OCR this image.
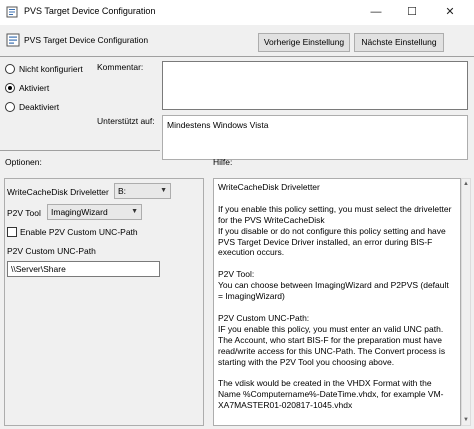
PVS Target Device Configuration	—	☐	✕
PVS Target Device Configuration	Vorherige Einstellung	Nächste Einstellung
Nicht konfiguriert
Aktiviert
Deaktiviert
Kommentar:
Unterstützt auf:	Mindestens Windows Vista
Optionen:	Hilfe:
WriteCacheDisk Driveletter	B:	▼
P2V Tool	ImagingWizard	▼
Enable P2V Custom UNC-Path
P2V Custom UNC-Path
\\Server\Share
WriteCacheDisk Driveletter

If you enable this policy setting, you must select the driveletter for the PVS WriteCacheDisk
If you disable or do not configure this policy setting and have PVS Target Device Driver installed, an error during BIS-F execution occurs.

P2V Tool:
You can choose between ImagingWizard and P2PVS (default = ImagingWizard)

P2V Custom UNC-Path:
IF you enable this policy, you must enter an valid UNC path. The Account, who start BIS-F for the preparation must have read/write access for this UNC-Path. The Convert process is starting with the P2V Tool you choosing above.

The vdisk would be created in the VHDX Format with the Name %Computername%-DateTime.vhdx, for example VM-XA7MASTER01-020817-1045.vhdx
▲
▼
